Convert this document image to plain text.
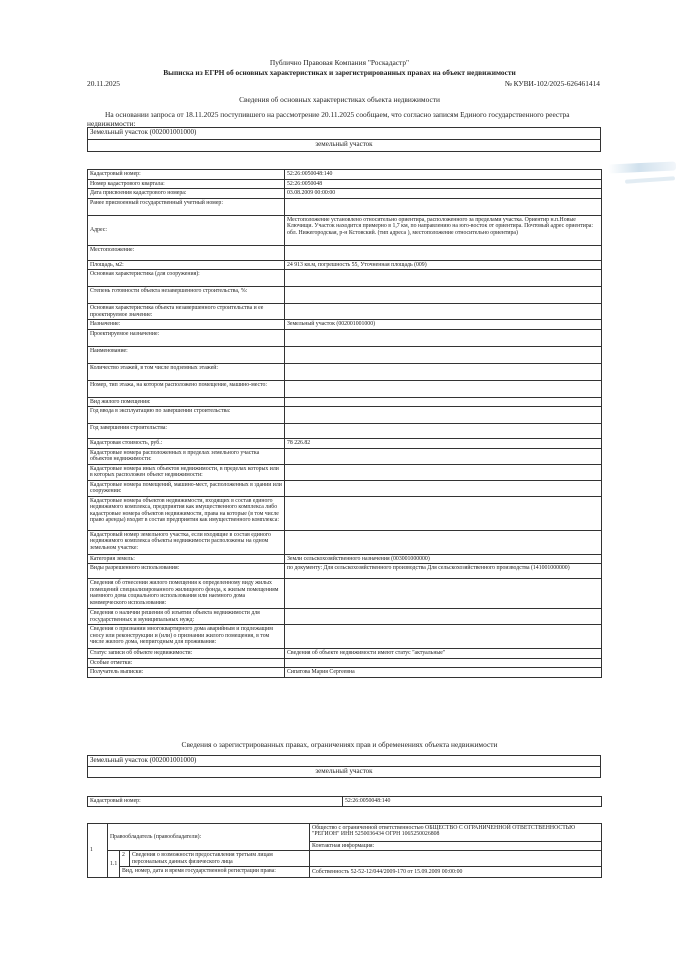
Публично Правовая Компания "Роскадастр"
Выписка из ЕГРН об основных характеристиках и зарегистрированных правах на объект недвижимости
20.11.2025	№ КУВИ-102/2025-626461414
Сведения об основных характеристиках объекта недвижимости
На основании запроса от 18.11.2025 поступившего на рассмотрение 20.11.2025 сообщаем, что согласно записям Единого государственного реестра недвижимости:
Земельный участок (002001001000)
земельный участок
Кадастровый номер:	52:26:0050048:140
Номер кадастрового квартала:	52:26:0050048
Дата присвоения кадастрового номера:	03.08.2009 00:00:00
Ранее присвоенный государственный учетный номер:	
Адрес:	Местоположение установлено относительно ориентира, расположенного за пределами участка. Ориентир н.п.Новые Ключищи. Участок находится примерно в 1,7 км, по направлению на юго-восток от ориентира. Почтовый адрес ориентира: обл. Нижегородская, р-н Кстовский. (тип адреса ), местоположение относительно ориентира)
Местоположение:	
Площадь, м2:	24 913 кв.м, погрешность 55, Уточненная площадь (009)
Основная характеристика (для сооружения):	
Степень готовности объекта незавершенного строительства, %:	
Основная характеристика объекта незавершенного строительства и ее проектируемое значение:	
Назначение:	Земельный участок (002001001000)
Проектируемое назначение:	
Наименование:	
Количество этажей, в том числе подземных этажей:	
Номер, тип этажа, на котором расположено помещение, машино-место:	
Вид жилого помещения:	
Год ввода в эксплуатацию по завершении строительства:	
Год завершения строительства:	
Кадастровая стоимость, руб.:	78 226.82
Кадастровые номера расположенных в пределах земельного участка объектов недвижимости:	
Кадастровые номера иных объектов недвижимости, в пределах которых или в которых расположен объект недвижимости:	
Кадастровые номера помещений, машино-мест, расположенных в здании или сооружении:	
Кадастровые номера объектов недвижимости, входящих в состав единого недвижимого комплекса, предприятия как имущественного комплекса либо кадастровые номера объектов недвижимости, права на которые (в том числе право аренды) входят в состав предприятия как имущественного комплекса:	
Кадастровый номер земельного участка, если входящие в состав единого недвижимого комплекса объекты недвижимости расположены на одном земельном участке:	
Категория земель:	Земли сельскохозяйственного назначения (003001000000)
Виды разрешенного использования:	по документу: Для сельскохозяйственного производства Для сельскохозяйственного производства (141001000000)
Сведения об отнесении жилого помещения к определенному виду жилых помещений специализированного жилищного фонда, к жилым помещениям наемного дома социального использования или наемного дома коммерческого использования:	
Сведения о наличии решения об изъятии объекта недвижимости для государственных и муниципальных нужд:	
Сведения о признании многоквартирного дома аварийным и подлежащим сносу или реконструкции и (или) о признании жилого помещения, в том числе жилого дома, непригодным для проживания:	
Статус записи об объекте недвижимости:	Сведения об объекте недвижимости имеют статус "актуальные"
Особые отметки:	
Получатель выписки:	Сипатова Мария Сергеевна
Сведения о зарегистрированных правах, ограничениях прав и обременениях объекта недвижимости
Земельный участок (002001001000)
земельный участок
Кадастровый номер:	52:26:0050048:140
1	Правообладатель (правообладатели):			Общество с ограниченной ответственностью ОБЩЕСТВО С ОГРАНИЧЕННОЙ ОТВЕТСТВЕННОСТЬЮ "РЕГИОН" ИНН 5250036434 ОГРН 1065250026808
				Контактная информация:
	1.1	2	Сведения о возможности предоставления третьим лицам персональных данных физического лица	
		Вид, номер, дата и время государственной регистрации права:		Собственность 52-52-12/044/2009-170 от 15.09.2009 00:00:00
